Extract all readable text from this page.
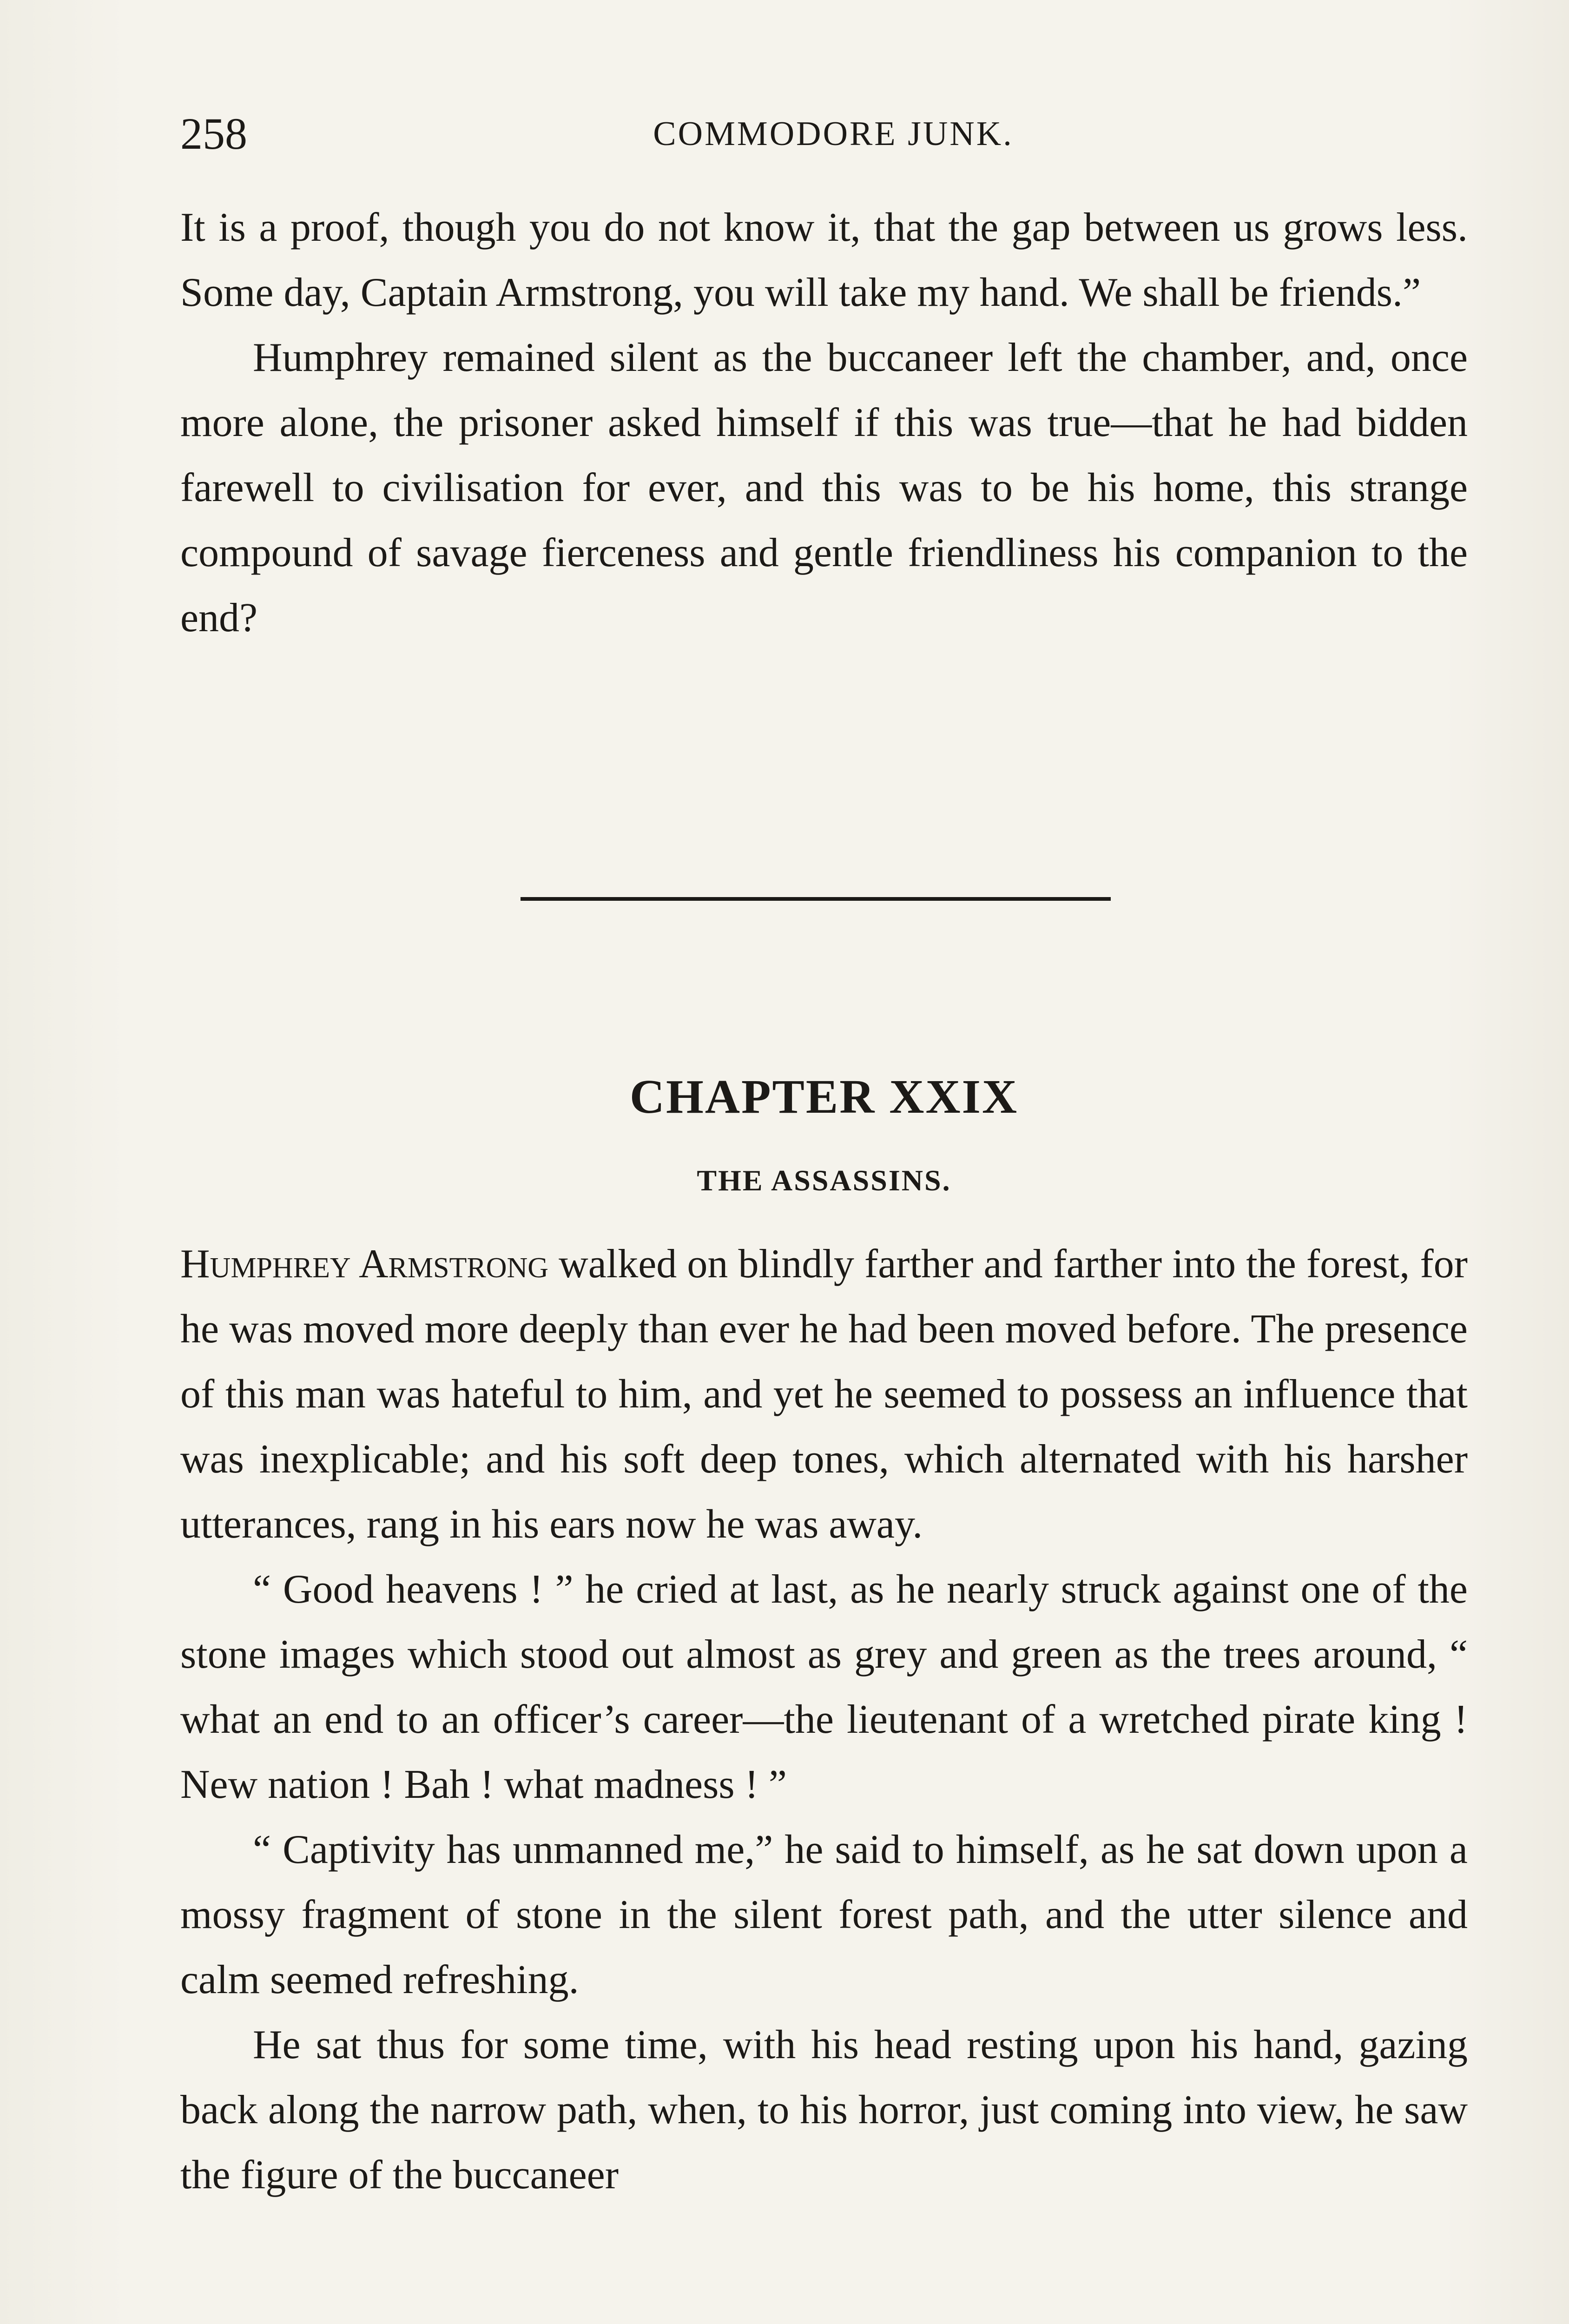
258	COMMODORE JUNK.

It is a proof, though you do not know it, that the gap between us grows less. Some day, Captain Armstrong, you will take my hand. We shall be friends.”

Humphrey remained silent as the buccaneer left the chamber, and, once more alone, the prisoner asked himself if this was true—that he had bidden farewell to civilisation for ever, and this was to be his home, this strange compound of savage fierceness and gentle friendliness his companion to the end?

CHAPTER XXIX
THE ASSASSINS.

Humphrey Armstrong walked on blindly farther and farther into the forest, for he was moved more deeply than ever he had been moved before. The presence of this man was hateful to him, and yet he seemed to possess an influence that was inexplicable; and his soft deep tones, which alternated with his harsher utterances, rang in his ears now he was away.

“ Good heavens ! ” he cried at last, as he nearly struck against one of the stone images which stood out almost as grey and green as the trees around, “ what an end to an officer’s career—the lieutenant of a wretched pirate king ! New nation ! Bah ! what madness ! ”

“ Captivity has unmanned me,” he said to himself, as he sat down upon a mossy fragment of stone in the silent forest path, and the utter silence and calm seemed refreshing.

He sat thus for some time, with his head resting upon his hand, gazing back along the narrow path, when, to his horror, just coming into view, he saw the figure of the buccaneer
